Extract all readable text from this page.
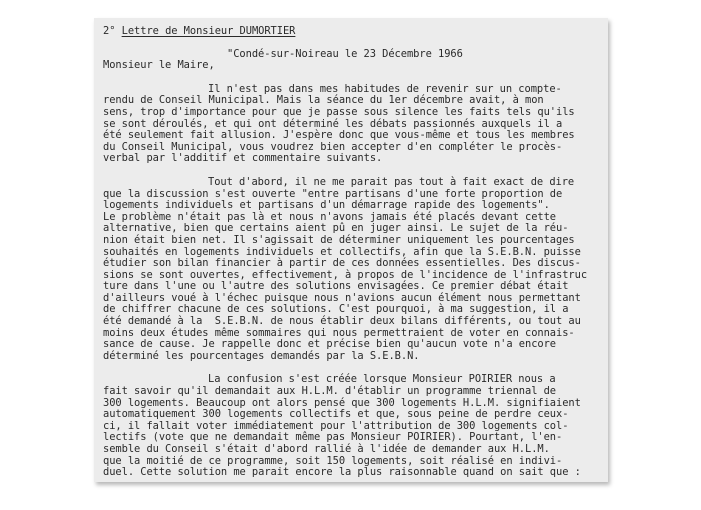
2° Lettre de Monsieur DUMORTIER
"Condé-sur-Noireau le 23 Décembre 1966
Monsieur le Maire,
Il n'est pas dans mes habitudes de revenir sur un compte-
rendu de Conseil Municipal. Mais la séance du 1er décembre avait, à mon
sens, trop d'importance pour que je passe sous silence les faits tels qu'ils
se sont déroulés, et qui ont déterminé les débats passionnés auxquels il a
été seulement fait allusion. J'espère donc que vous-même et tous les membres
du Conseil Municipal, vous voudrez bien accepter d'en compléter le procès-
verbal par l'additif et commentaire suivants.
Tout d'abord, il ne me parait pas tout à fait exact de dire
que la discussion s'est ouverte "entre partisans d'une forte proportion de
logements individuels et partisans d'un démarrage rapide des logements".
Le problème n'était pas là et nous n'avons jamais été placés devant cette
alternative, bien que certains aient pû en juger ainsi. Le sujet de la réu-
nion était bien net. Il s'agissait de déterminer uniquement les pourcentages
souhaités en logements individuels et collectifs, afin que la S.E.B.N. puisse
étudier son bilan financier à partir de ces données essentielles. Des discus-
sions se sont ouvertes, effectivement, à propos de l'incidence de l'infrastruc
ture dans l'une ou l'autre des solutions envisagées. Ce premier débat était
d'ailleurs voué à l'échec puisque nous n'avions aucun élément nous permettant
de chiffrer chacune de ces solutions. C'est pourquoi, à ma suggestion, il a
été demandé à la  S.E.B.N. de nous établir deux bilans différents, ou tout au
moins deux études même sommaires qui nous permettraient de voter en connais-
sance de cause. Je rappelle donc et précise bien qu'aucun vote n'a encore
déterminé les pourcentages demandés par la S.E.B.N.
La confusion s'est créée lorsque Monsieur POIRIER nous a
fait savoir qu'il demandait aux H.L.M. d'établir un programme triennal de
300 logements. Beaucoup ont alors pensé que 300 logements H.L.M. signifiaient
automatiquement 300 logements collectifs et que, sous peine de perdre ceux-
ci, il fallait voter immédiatement pour l'attribution de 300 logements col-
lectifs (vote que ne demandait même pas Monsieur POIRIER). Pourtant, l'en-
semble du Conseil s'était d'abord rallié à l'idée de demander aux H.L.M.
que la moitié de ce programme, soit 150 logements, soit réalisé en indivi-
duel. Cette solution me parait encore la plus raisonnable quand on sait que :
